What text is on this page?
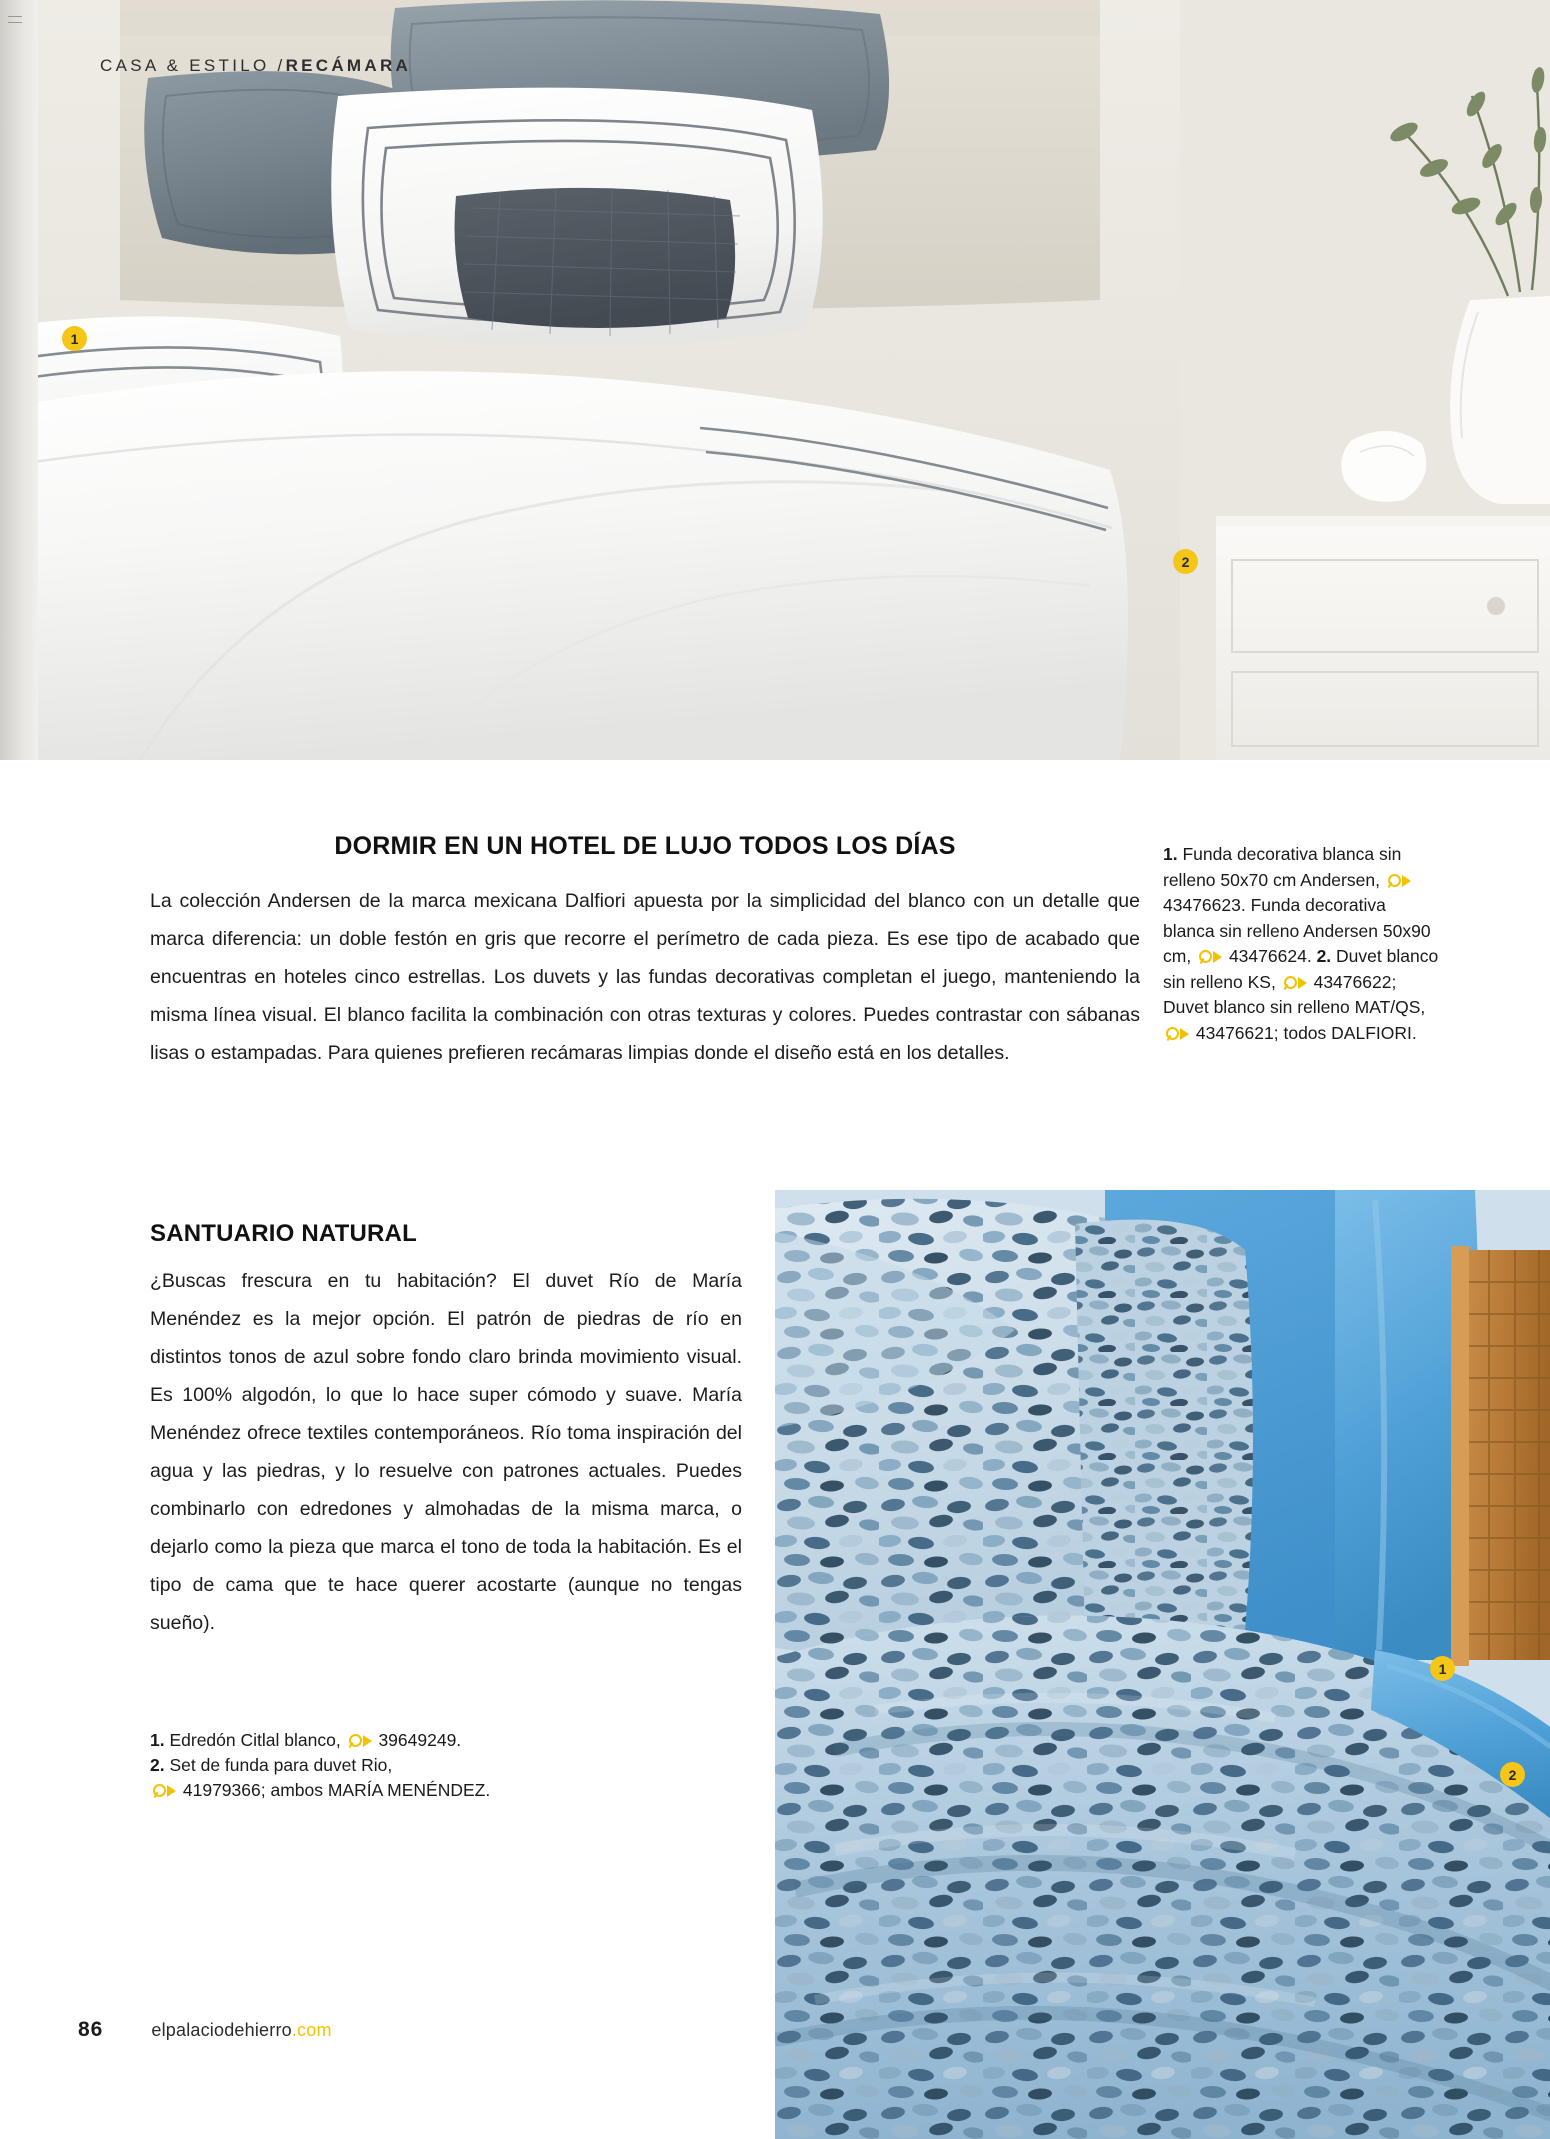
CASA & ESTILO /RECÁMARA
1
2
DORMIR EN UN HOTEL DE LUJO TODOS LOS DÍAS

La colección Andersen de la marca mexicana Dalfiori apuesta por la simplicidad del blanco con un detalle que marca diferencia: un doble festón en gris que recorre el perímetro de cada pieza. Es ese tipo de acabado que encuentras en hoteles cinco estrellas. Los duvets y las fundas decorativas completan el juego, manteniendo la misma línea visual. El blanco facilita la combinación con otras texturas y colores. Puedes contrastar con sábanas lisas o estampadas. Para quienes prefieren recámaras limpias donde el diseño está en los detalles.

1. Funda decorativa blanca sin relleno 50x70 cm Andersen,
43476623. Funda decorativa blanca sin relleno Andersen 50x90 cm, 43476624. 2. Duvet blanco sin relleno KS, 43476622; Duvet blanco sin relleno MAT/QS,
43476621; todos DALFIORI.
SANTUARIO NATURAL

¿Buscas frescura en tu habitación? El duvet Río de María Menéndez es la mejor opción. El patrón de piedras de río en distintos tonos de azul sobre fondo claro brinda movimiento visual. Es 100% algodón, lo que lo hace super cómodo y suave. María Menéndez ofrece textiles contemporáneos. Río toma inspiración del agua y las piedras, y lo resuelve con patrones actuales. Puedes combinarlo con edredones y almohadas de la misma marca, o dejarlo como la pieza que marca el tono de toda la habitación. Es el tipo de cama que te hace querer acostarte (aunque no tengas sueño).

1. Edredón Citlal blanco, 39649249.
2. Set de funda para duvet Rio,

41979366; ambos MARÍA MENÉNDEZ.
1
2
86	elpalaciodehierro.com
